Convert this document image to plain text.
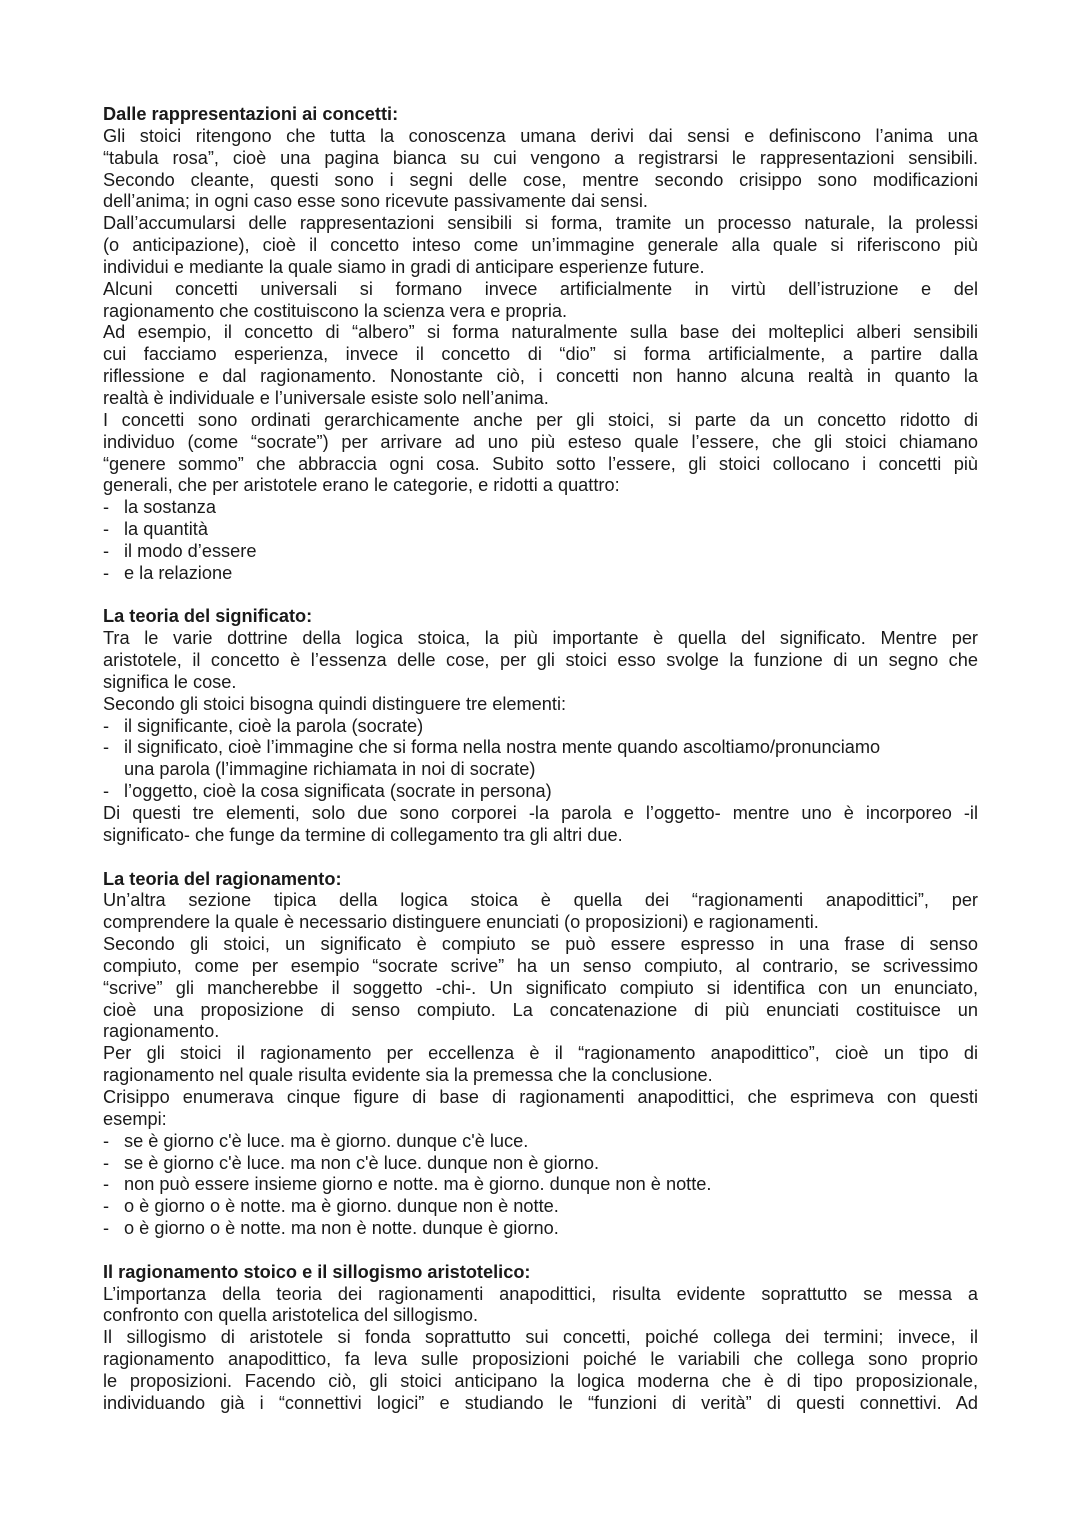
Dalle rappresentazioni ai concetti:
Gli stoici ritengono che tutta la conoscenza umana derivi dai sensi e definiscono l’anima una
“tabula rosa”, cioè una pagina bianca su cui vengono a registrarsi le rappresentazioni sensibili.
Secondo cleante, questi sono i segni delle cose, mentre secondo crisippo sono modificazioni
dell’anima; in ogni caso esse sono ricevute passivamente dai sensi.
Dall’accumularsi delle rappresentazioni sensibili si forma, tramite un processo naturale, la prolessi
(o anticipazione), cioè il concetto inteso come un’immagine generale alla quale si riferiscono più
individui e mediante la quale siamo in gradi di anticipare esperienze future.
Alcuni concetti universali si formano invece artificialmente in virtù dell’istruzione e del
ragionamento che costituiscono la scienza vera e propria.
Ad esempio, il concetto di “albero” si forma naturalmente sulla base dei molteplici alberi sensibili
cui facciamo esperienza, invece il concetto di “dio” si forma artificialmente, a partire dalla
riflessione e dal ragionamento. Nonostante ciò, i concetti non hanno alcuna realtà in quanto la
realtà è individuale e l’universale esiste solo nell’anima.
I concetti sono ordinati gerarchicamente anche per gli stoici, si parte da un concetto ridotto di
individuo (come “socrate”) per arrivare ad uno più esteso quale l’essere, che gli stoici chiamano
“genere sommo” che abbraccia ogni cosa. Subito sotto l’essere, gli stoici collocano i concetti più
generali, che per aristotele erano le categorie, e ridotti a quattro:
- la sostanza
- la quantità
- il modo d’essere
- e la relazione
La teoria del significato:
Tra le varie dottrine della logica stoica, la più importante è quella del significato. Mentre per
aristotele, il concetto è l’essenza delle cose, per gli stoici esso svolge la funzione di un segno che
significa le cose.
Secondo gli stoici bisogna quindi distinguere tre elementi:
- il significante, cioè la parola (socrate)
- il significato, cioè l’immagine che si forma nella nostra mente quando ascoltiamo/pronunciamo
una parola (l’immagine richiamata in noi di socrate)
- l’oggetto, cioè la cosa significata (socrate in persona)
Di questi tre elementi, solo due sono corporei -la parola e l’oggetto- mentre uno è incorporeo -il
significato- che funge da termine di collegamento tra gli altri due.
La teoria del ragionamento:
Un’altra sezione tipica della logica stoica è quella dei “ragionamenti anapodittici”, per
comprendere la quale è necessario distinguere enunciati (o proposizioni) e ragionamenti.
Secondo gli stoici, un significato è compiuto se può essere espresso in una frase di senso
compiuto, come per esempio “socrate scrive” ha un senso compiuto, al contrario, se scrivessimo
“scrive” gli mancherebbe il soggetto -chi-. Un significato compiuto si identifica con un enunciato,
cioè una proposizione di senso compiuto. La concatenazione di più enunciati costituisce un
ragionamento.
Per gli stoici il ragionamento per eccellenza è il “ragionamento anapodittico”, cioè un tipo di
ragionamento nel quale risulta evidente sia la premessa che la conclusione.
Crisippo enumerava cinque figure di base di ragionamenti anapodittici, che esprimeva con questi
esempi:
- se è giorno c'è luce. ma è giorno. dunque c'è luce.
- se è giorno c'è luce. ma non c'è luce. dunque non è giorno.
- non può essere insieme giorno e notte. ma è giorno. dunque non è notte.
- o è giorno o è notte. ma è giorno. dunque non è notte.
- o è giorno o è notte. ma non è notte. dunque è giorno.
Il ragionamento stoico e il sillogismo aristotelico:
L’importanza della teoria dei ragionamenti anapodittici, risulta evidente soprattutto se messa a
confronto con quella aristotelica del sillogismo.
Il sillogismo di aristotele si fonda soprattutto sui concetti, poiché collega dei termini; invece, il
ragionamento anapodittico, fa leva sulle proposizioni poiché le variabili che collega sono proprio
le proposizioni. Facendo ciò, gli stoici anticipano la logica moderna che è di tipo proposizionale,
individuando già i “connettivi logici” e studiando le “funzioni di verità” di questi connettivi. Ad
